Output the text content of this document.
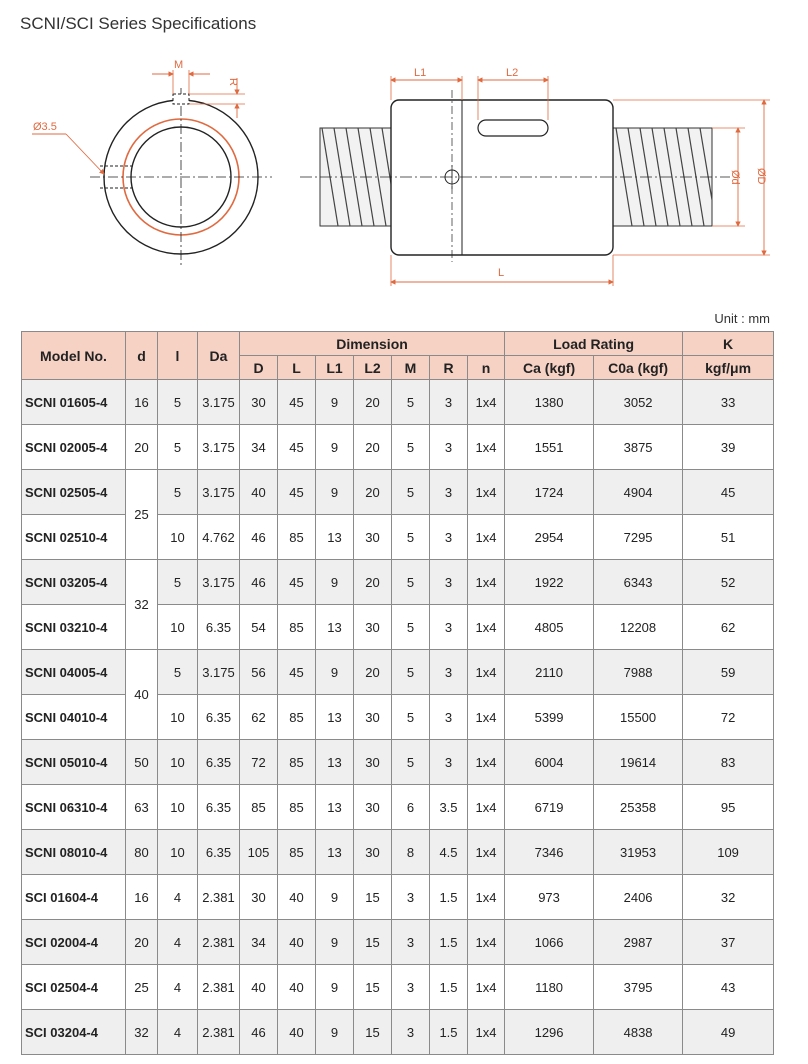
SCNI/SCI Series Specifications
M
R
Ø3.5
L1	L2
L
Ød ØD
Unit : mm
Model No.	d	l	Da	Dimension							Load Rating		K
				D	L	L1	L2	M	R	n	Ca (kgf)	C0a (kgf)	kgf/μm
SCNI 01605-4	16	5	3.175	30	45	9	20	5	3	1x4	1380	3052	33
SCNI 02005-4	20	5	3.175	34	45	9	20	5	3	1x4	1551	3875	39
SCNI 02505-4	25	5	3.175	40	45	9	20	5	3	1x4	1724	4904	45
SCNI 02510-4		10	4.762	46	85	13	30	5	3	1x4	2954	7295	51
SCNI 03205-4	32	5	3.175	46	45	9	20	5	3	1x4	1922	6343	52
SCNI 03210-4		10	6.35	54	85	13	30	5	3	1x4	4805	12208	62
SCNI 04005-4	40	5	3.175	56	45	9	20	5	3	1x4	2110	7988	59
SCNI 04010-4		10	6.35	62	85	13	30	5	3	1x4	5399	15500	72
SCNI 05010-4	50	10	6.35	72	85	13	30	5	3	1x4	6004	19614	83
SCNI 06310-4	63	10	6.35	85	85	13	30	6	3.5	1x4	6719	25358	95
SCNI 08010-4	80	10	6.35	105	85	13	30	8	4.5	1x4	7346	31953	109
SCI 01604-4	16	4	2.381	30	40	9	15	3	1.5	1x4	973	2406	32
SCI 02004-4	20	4	2.381	34	40	9	15	3	1.5	1x4	1066	2987	37
SCI 02504-4	25	4	2.381	40	40	9	15	3	1.5	1x4	1180	3795	43
SCI 03204-4	32	4	2.381	46	40	9	15	3	1.5	1x4	1296	4838	49
